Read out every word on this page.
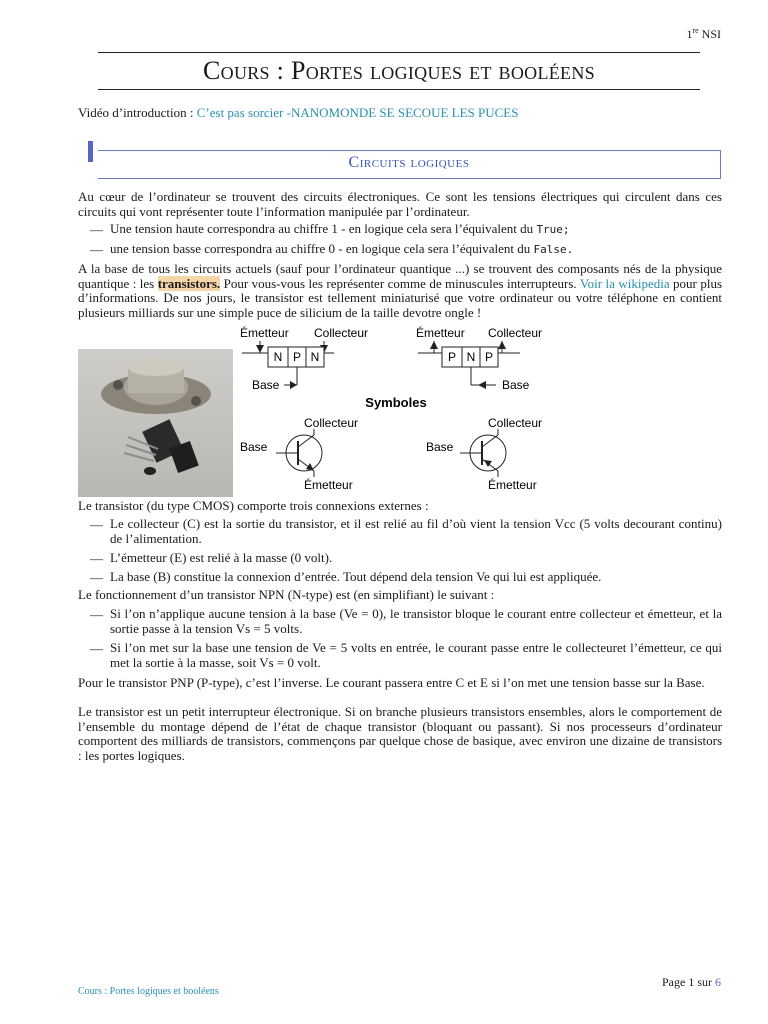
1re NSI
Cours : Portes logiques et booléens
Vidéo d’introduction : C’est pas sorcier -NANOMONDE SE SECOUE LES PUCES
Circuits logiques
Au cœur de l’ordinateur se trouvent des circuits électroniques. Ce sont les tensions électriques qui circulent dans ces circuits qui vont représenter toute l’information manipulée par l’ordinateur.
— Une tension haute correspondra au chiffre 1 - en logique cela sera l’équivalent du True;
— une tension basse correspondra au chiffre 0 - en logique cela sera l’équivalent du False.
A la base de tous les circuits actuels (sauf pour l’ordinateur quantique ...) se trouvent des composants nés de la physique quantique : les transistors. Pour vous-vous les représenter comme de minuscules interrupteurs. Voir la wikipedia pour plus d’informations. De nos jours, le transistor est tellement miniaturisé que votre ordinateur ou votre téléphone en contient plusieurs milliards sur une simple puce de silicium de la taille devotre ongle !
Émetteur Collecteur
N P N
Base
Émetteur Collecteur
P N P
Base
Symboles
Collecteur
Base
Émetteur
Collecteur
Base
Émetteur
Le transistor (du type CMOS) comporte trois connexions externes :
— Le collecteur (C) est la sortie du transistor, et il est relié au fil d’où vient la tension Vcc (5 volts decourant continu) de l’alimentation.
— L’émetteur (E) est relié à la masse (0 volt).
— La base (B) constitue la connexion d’entrée. Tout dépend dela tension Ve qui lui est appliquée.
Le fonctionnement d’un transistor NPN (N-type) est (en simplifiant) le suivant :
— Si l’on n’applique aucune tension à la base (Ve = 0), le transistor bloque le courant entre collecteur et émetteur, et la sortie passe à la tension Vs = 5 volts.
— Si l’on met sur la base une tension de Ve = 5 volts en entrée, le courant passe entre le collecteuret l’émetteur, ce qui met la sortie à la masse, soit Vs = 0 volt.
Pour le transistor PNP (P-type), c’est l’inverse. Le courant passera entre C et E si l’on met une tension basse sur la Base.
Le transistor est un petit interrupteur électronique. Si on branche plusieurs transistors ensembles, alors le comportement de l’ensemble du montage dépend de l’état de chaque transistor (bloquant ou passant). Si nos processeurs d’ordinateur comportent des milliards de transistors, commençons par quelque chose de basique, avec environ une dizaine de transistors : les portes logiques.
Cours : Portes logiques et booléens
Page 1 sur 6
